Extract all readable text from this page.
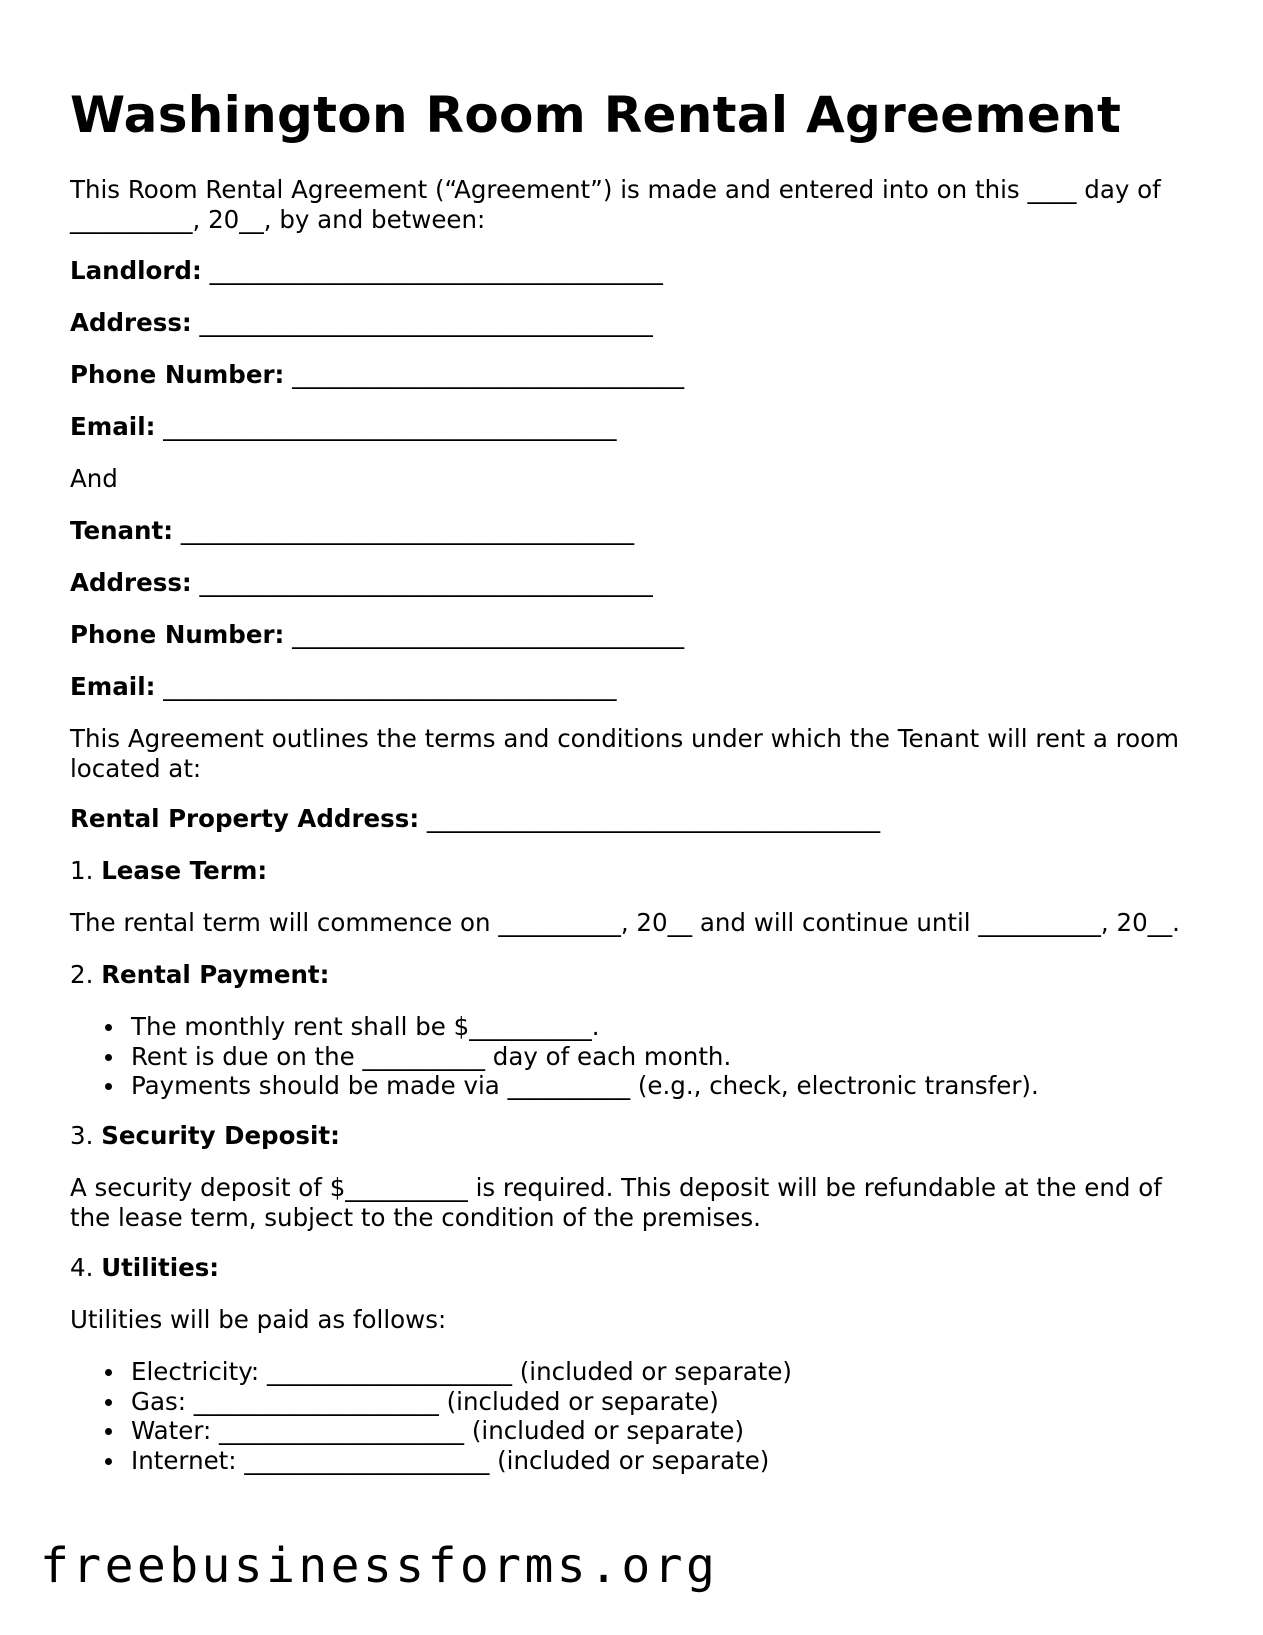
Washington Room Rental Agreement
This Room Rental Agreement (“Agreement”) is made and entered into on this ____ day of __________, 20__, by and between:
Landlord: _____________________________________
Address: _____________________________________
Phone Number: ________________________________
Email: _____________________________________
And
Tenant: _____________________________________
Address: _____________________________________
Phone Number: ________________________________
Email: _____________________________________
This Agreement outlines the terms and conditions under which the Tenant will rent a room located at:
Rental Property Address: _____________________________________
1. Lease Term:
The rental term will commence on __________, 20__ and will continue until __________, 20__.
2. Rental Payment:
The monthly rent shall be $__________.
Rent is due on the __________ day of each month.
Payments should be made via __________ (e.g., check, electronic transfer).
3. Security Deposit:
A security deposit of $__________ is required. This deposit will be refundable at the end of the lease term, subject to the condition of the premises.
4. Utilities:
Utilities will be paid as follows:
Electricity: ____________________ (included or separate)
Gas: ____________________ (included or separate)
Water: ____________________ (included or separate)
Internet: ____________________ (included or separate)
freebusinessforms.org
